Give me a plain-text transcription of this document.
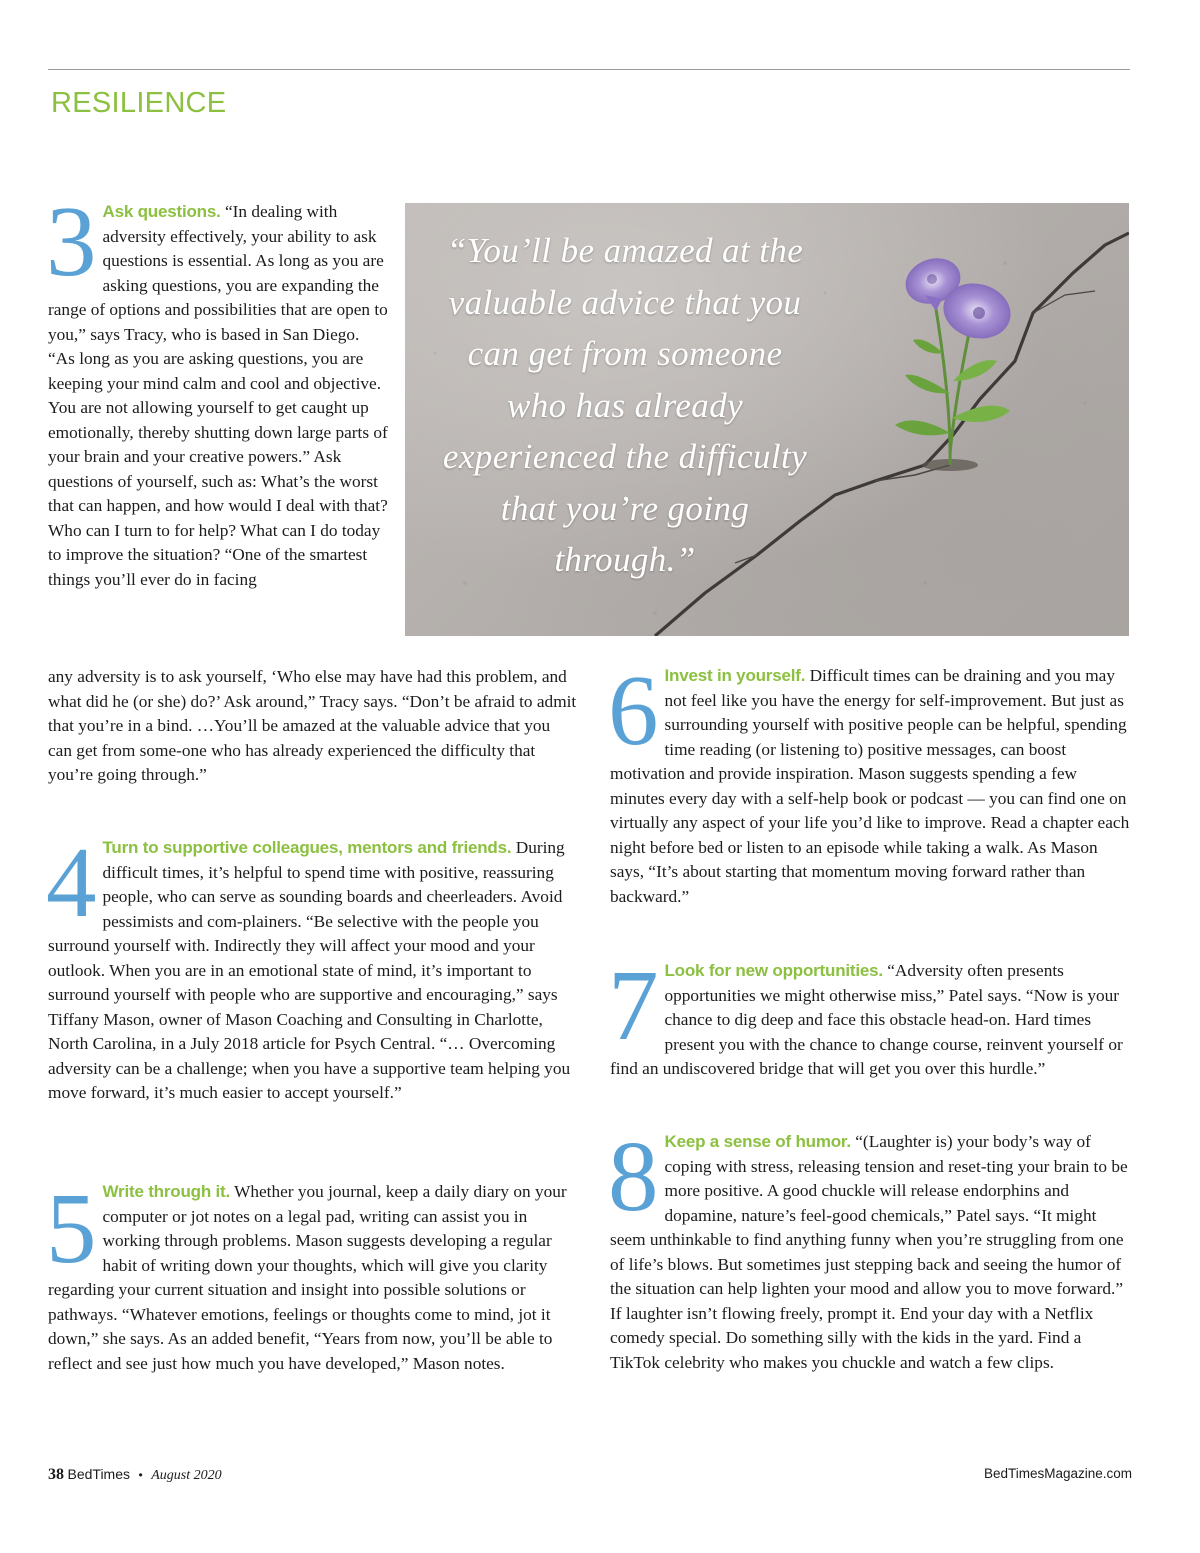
RESILIENCE

3 Ask questions. “In dealing with adversity effectively, your ability to ask questions is essential. As long as you are asking questions, you are expanding the range of options and possibilities that are open to you,” says Tracy, who is based in San Diego. “As long as you are asking questions, you are keeping your mind calm and cool and objective. You are not allowing yourself to get caught up emotionally, thereby shutting down large parts of your brain and your creative powers.” Ask questions of yourself, such as: What’s the worst that can happen, and how would I deal with that? Who can I turn to for help? What can I do today to improve the situation? “One of the smartest things you’ll ever do in facing

any adversity is to ask yourself, ‘Who else may have had this problem, and what did he (or she) do?’ Ask around,” Tracy says. “Don’t be afraid to admit that you’re in a bind. …You’ll be amazed at the valuable advice that you can get from some-one who has already experienced the difficulty that you’re going through.”

“You’ll be amazed at the valuable advice that you can get from someone who has already experienced the difficulty that you’re going through.”

4 Turn to supportive colleagues, mentors and friends. During difficult times, it’s helpful to spend time with positive, reassuring people, who can serve as sounding boards and cheerleaders. Avoid pessimists and com-plainers. “Be selective with the people you surround yourself with. Indirectly they will affect your mood and your outlook. When you are in an emotional state of mind, it’s important to surround yourself with people who are supportive and encouraging,” says Tiffany Mason, owner of Mason Coaching and Consulting in Charlotte, North Carolina, in a July 2018 article for Psych Central. “… Overcoming adversity can be a challenge; when you have a supportive team helping you move forward, it’s much easier to accept yourself.”

5 Write through it. Whether you journal, keep a daily diary on your computer or jot notes on a legal pad, writing can assist you in working through problems. Mason suggests developing a regular habit of writing down your thoughts, which will give you clarity regarding your current situation and insight into possible solutions or pathways. “Whatever emotions, feelings or thoughts come to mind, jot it down,” she says. As an added benefit, “Years from now, you’ll be able to reflect and see just how much you have developed,” Mason notes.

6 Invest in yourself. Difficult times can be draining and you may not feel like you have the energy for self-improvement. But just as surrounding yourself with positive people can be helpful, spending time reading (or listening to) positive messages, can boost motivation and provide inspiration. Mason suggests spending a few minutes every day with a self-help book or podcast — you can find one on virtually any aspect of your life you’d like to improve. Read a chapter each night before bed or listen to an episode while taking a walk. As Mason says, “It’s about starting that momentum moving forward rather than backward.”

7 Look for new opportunities. “Adversity often presents opportunities we might otherwise miss,” Patel says. “Now is your chance to dig deep and face this obstacle head-on. Hard times present you with the chance to change course, reinvent yourself or find an undiscovered bridge that will get you over this hurdle.”

8 Keep a sense of humor. “(Laughter is) your body’s way of coping with stress, releasing tension and reset-ting your brain to be more positive. A good chuckle will release endorphins and dopamine, nature’s feel-good chemicals,” Patel says. “It might seem unthinkable to find anything funny when you’re struggling from one of life’s blows. But sometimes just stepping back and seeing the humor of the situation can help lighten your mood and allow you to move forward.” If laughter isn’t flowing freely, prompt it. End your day with a Netflix comedy special. Do something silly with the kids in the yard. Find a TikTok celebrity who makes you chuckle and watch a few clips.

38 BedTimes • August 2020	BedTimesMagazine.com
